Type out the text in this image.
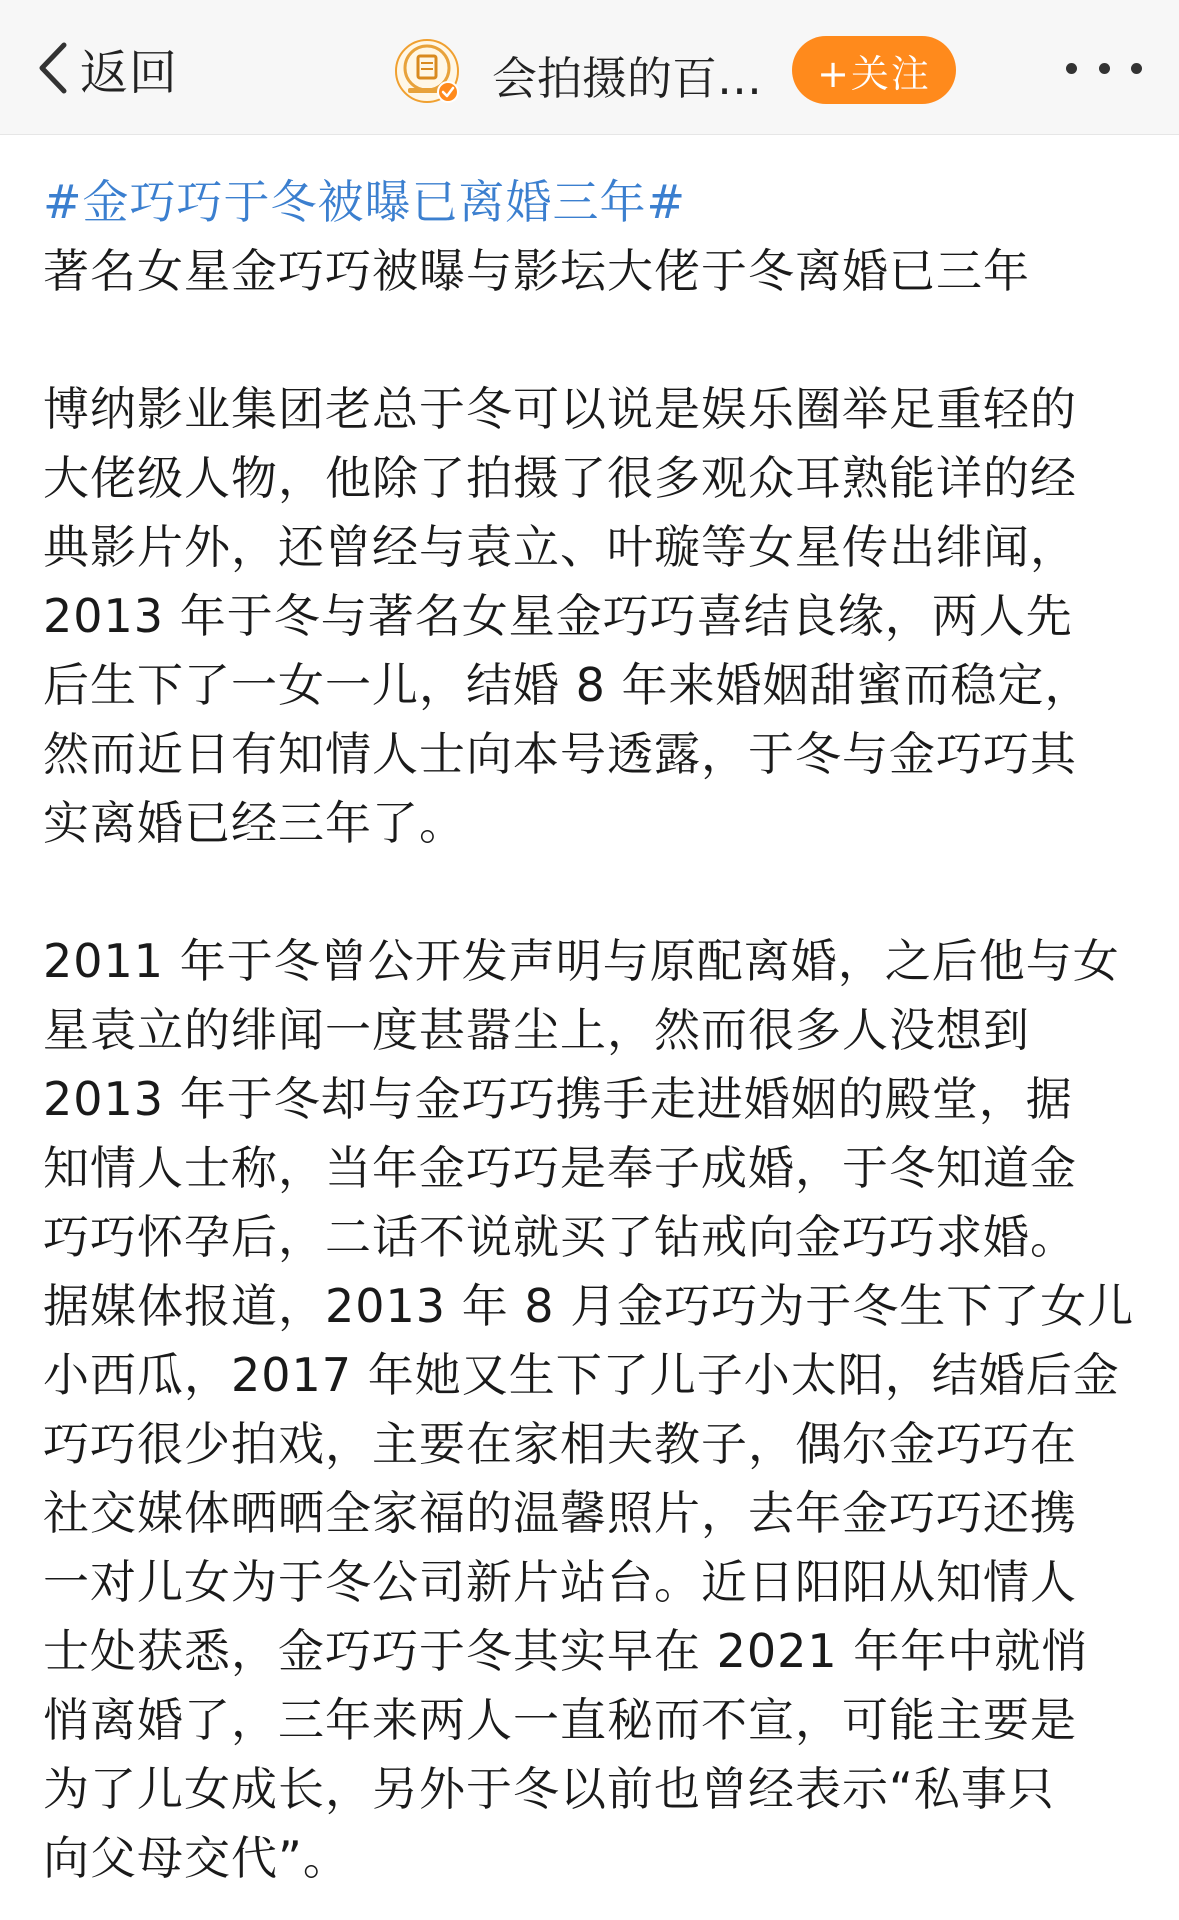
返回	会拍摄的百…	+关注
#金巧巧于冬被曝已离婚三年#
著名女星金巧巧被曝与影坛大佬于冬离婚已三年
博纳影业集团老总于冬可以说是娱乐圈举足重轻的
大佬级人物，他除了拍摄了很多观众耳熟能详的经
典影片外，还曾经与袁立、叶璇等女星传出绯闻，
2013 年于冬与著名女星金巧巧喜结良缘，两人先
后生下了一女一儿，结婚 8 年来婚姻甜蜜而稳定，
然而近日有知情人士向本号透露，于冬与金巧巧其
实离婚已经三年了。
2011 年于冬曾公开发声明与原配离婚，之后他与女
星袁立的绯闻一度甚嚣尘上，然而很多人没想到
2013 年于冬却与金巧巧携手走进婚姻的殿堂，据
知情人士称，当年金巧巧是奉子成婚，于冬知道金
巧巧怀孕后，二话不说就买了钻戒向金巧巧求婚。
据媒体报道，2013 年 8 月金巧巧为于冬生下了女儿
小西瓜，2017 年她又生下了儿子小太阳，结婚后金
巧巧很少拍戏，主要在家相夫教子，偶尔金巧巧在
社交媒体晒晒全家福的温馨照片，去年金巧巧还携
一对儿女为于冬公司新片站台。近日阳阳从知情人
士处获悉，金巧巧于冬其实早在 2021 年年中就悄
悄离婚了，三年来两人一直秘而不宣，可能主要是
为了儿女成长，另外于冬以前也曾经表示“私事只
向父母交代”。
